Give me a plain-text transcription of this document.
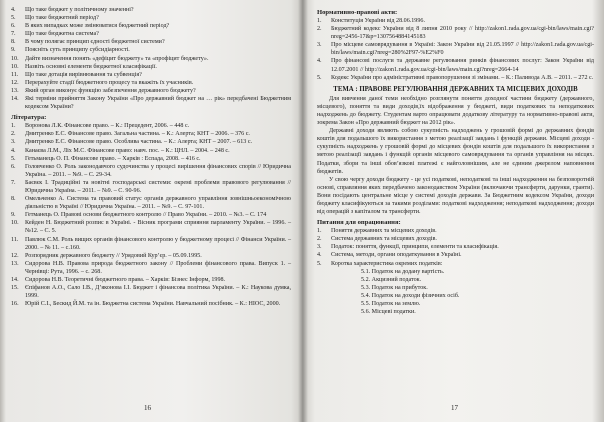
4. Що таке бюджет у політичному значенні?
5. Що таке бюджетний період?
6. В яких випадках може змінюватися бюджетний період?
7. Що таке бюджетна система?
8. В чому полягає принцип єдності бюджетної системи?
9. Поясніть суть принципу субсидіарності.
10. Дайте визначення понять «дефіцит бюджету» та «профіцит бюджету».
10. Назвіть основні елементи бюджетної класифікації.
11. Що таке дотація вирівнювання та субвенція?
12. Перерахуйте стадії бюджетного процесу та вкажіть їх учасників.
13. Який орган виконує функцію забезпечення державного бюджету?
14. Які терміни прийняття Закону України «Про державний бюджет на … рік» передбачені Бюджетним кодексом України?
Література:
1. Воронова Л.К. Фінансове право. – К.: Прецедент, 2006. – 448 с.
2. Дмитренко Е.С. Фінансове право. Загальна частина. – К.: Алерта; КНТ – 2006. – 376 с.
3. Дмитренко Е.С. Фінансове право. Особлива частина. – К.: Алерта; КНТ – 2007. – 613 с.
4. Канаєва Л.М., Ліх М.С. Фінансове право: навч. пос. – К.: ЦНЛ. – 2004. – 248 с.
5. Гетьманець О. П. Фінансове право. – Харків : Еспада, 2008. – 416 с.
6. Головченко О. Роль законодавчого судочинства у процесі вирішення фінансових спорів // Юридична Україна. – 2011. – №9. – С. 29-34.
7. Баєвєк І. Традиційні та новітні господарські системи: окремі проблеми правового регулювання // Юридична Україна. – 2011. – №9. – С. 90-96.
8. Омельченко А. Система та правовий статус органів державного управління зовнішньоекономічною діяльністю в Україні // Юридична Україна. – 2011. – №9. – С. 97-101.
9. Гетманець О. Правові основи бюджетного контролю // Право України. – 2010. – №3. – С. 174
10. Кейден Н. Бюджетний розпис в Україні. - Вісник програми сприяння парламенту України. – 1996. – №12. – С. 5.
11. Павлюк С.М. Роль вищих органів фінансового контролю у бюджетному процесі // Фінанси України. – 2000. – № 11. – с.160.
12. Розпорядник державного бюджету // Урядовий Кур’єр. – 05.09.1995.
13. Сидорова Н.В. Правова природа бюджетного закону // Проблеми фінансового права. Випуск 1. – Чернівці: Рута, 1996. – с. 268.
14. Сидорова Н.В. Теоретичні бюджетного права. – Харків: Бізнес Інформ, 1998.
15. Єпіфанов А.О., Сало І.В., Д’яконова І.І. Бюджет і фінансова політика України. – К.: Наукова думка, 1999.
16. Юрій С.І., Бескид Й.М. та ін. Бюджетна система України. Навчальний посібник. – К.: НІОС, 2000.
16
Нормативно-правові акти:
1. Конституція України від 28.06.1996.
2. Бюджетний кодекс України від 8 липня 2010 року // http://zakon1.rada.gov.ua/cgi-bin/laws/main.cgi?nreg=2456-17&p=1307564884145183
3. Про місцеве самоврядування в Україні: Закон України від 21.05.1997 // http://zakon1.rada.gov.ua/cgi-bin/laws/main.cgi?nreg=280%2F97-%E2%F0
4. Про фінансові послуги та державне регулювання ринків фінансових послуг: Закон України від 12.07.2001 // http://zakon1.rada.gov.ua/cgi-bin/laws/main.cgi?nreg=2664-14
5. Кодекс України про адміністративні правопорушення зі змінами. – К.: Паливода А.В. – 2011. – 272 с.
ТЕМА : ПРАВОВЕ РЕГУЛЮВАННЯ ДЕРЖАВНИХ ТА МІСЦЕВИХ ДОХОДІВ
Для вивчення даної теми необхідно розглянути поняття доходної частини бюджету (державного, місцевого), поняття та види доходів,їх відображення у бюджеті, види податкових та неподаткових надходжень до бюджету. Студентам варто опрацювати додаткову літературу та нормативно-правові акти, зокрема Закон «Про державний бюджет на 2012 рік».
Державні доходи являють собою сукупність надходжень у грошовій формі до державних фондів коштів для подальшого їх використання з метою реалізації завдань і функцій держави. Місцеві доходи - сукупність надходжень у грошовій формі до місцевих фондів коштів для подальшого їх використання з метою реалізації завдань і функцій органів місцевого самоврядування та органів управління на місцях. Податки, збори та інші обов’язкові платежі є найголовнішим, але не єдиним джерелом наповнення бюджетів.
У свою чергу доходи бюджету - це усі податкові, неподаткові та інші надходження на безповоротній основі, справляння яких передбачено законодавством України (включаючи трансферти, дарунки, гранти). Вони посідають центральне місце у системі доходів держави. За Бюджетним кодексом України, доходи бюджету класифікуються за такими розділами: податкові надходження; неподаткові надходження; доходи від операцій з капіталом та трансферти.
Питання для опрацювання:
1. Поняття державних та місцевих доходів.
2. Система державних та місцевих доходів.
3. Податок: поняття, функції, принципи, елементи та класифікація.
4. Система, методи, органи оподаткування в Україні.
5. Коротка характеристика окремих податків:
5.1. Податок на додану вартість.
5.2. Акцизний податок.
5.3. Податок на прибуток.
5.4. Податок на доходи фізичних осіб.
5.5. Податок на землю.
5.6. Місцеві податки.
17
